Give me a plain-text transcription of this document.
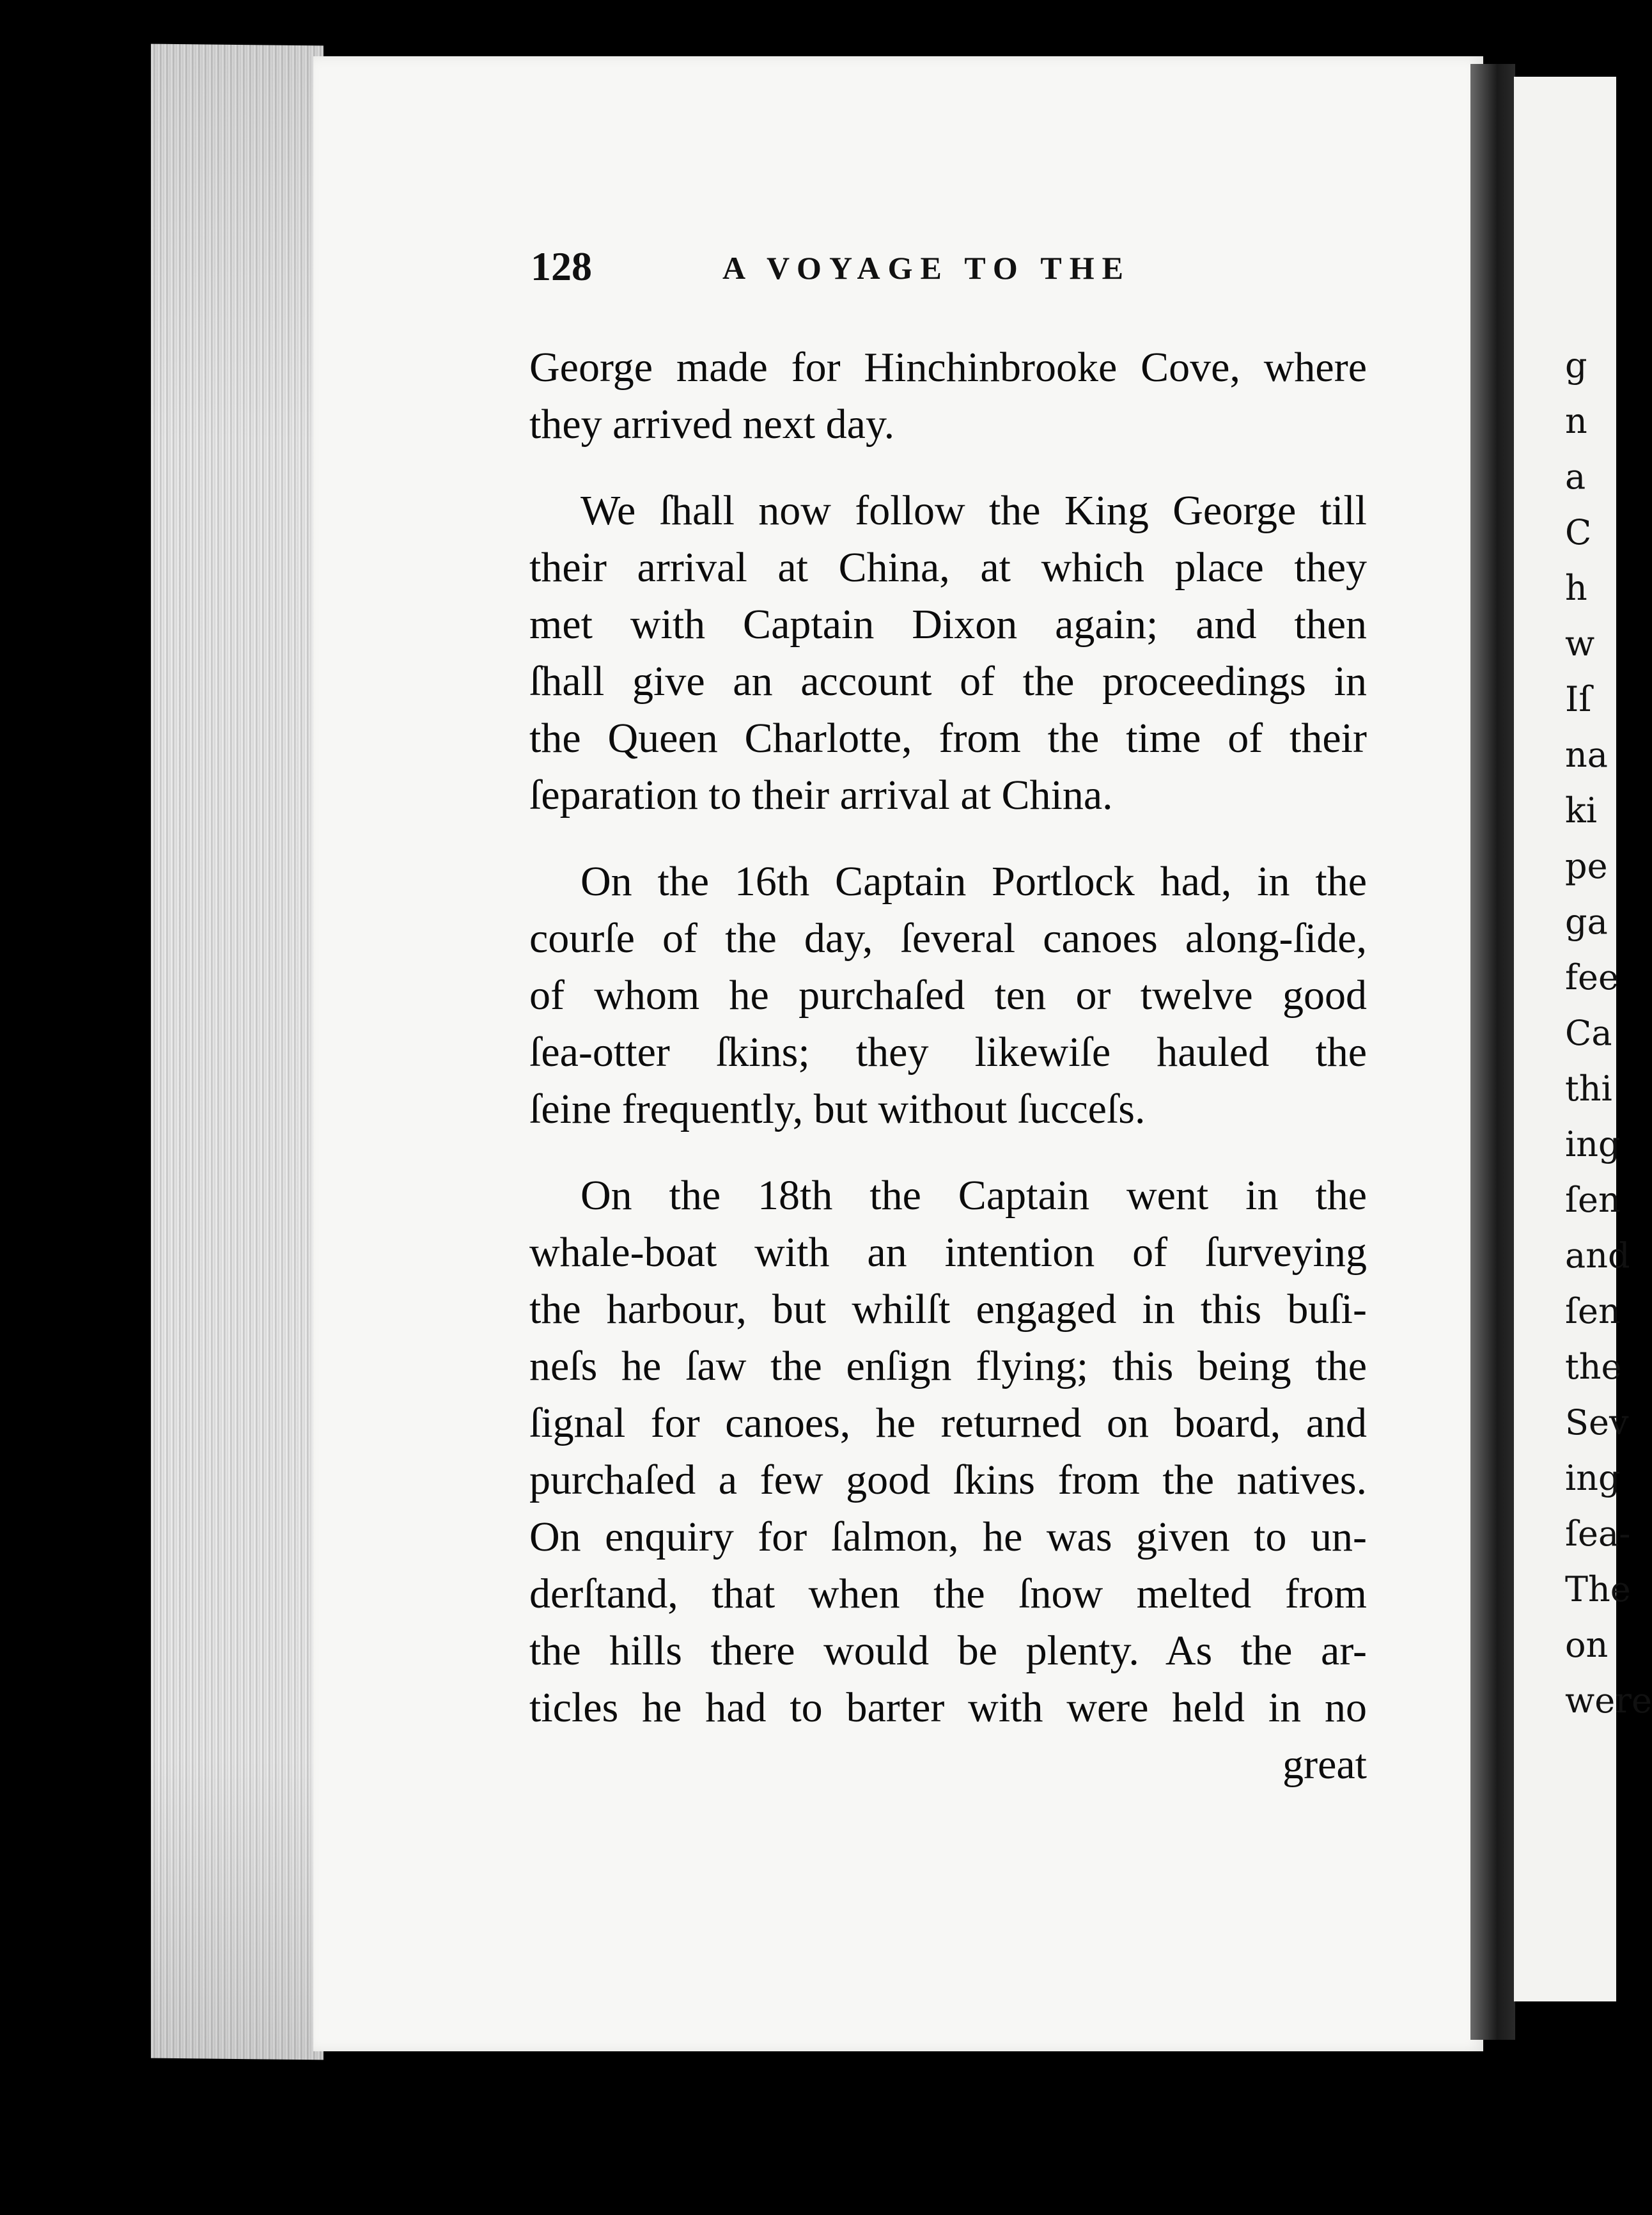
g
n
a
C
h
w
Iſ
na
ki
pe
ga
fee
Ca
thi
ing
ſen
and
ſen
the
Sev
ing
ſea-
The
on
were
128	A VOYAGE TO THE
George made for Hinchinbrooke Cove, where
they arrived next day.
We ſhall now follow the King George till
their arrival at China, at which place they
met with Captain Dixon again; and then
ſhall give an account of the proceedings in
the Queen Charlotte, from the time of their
ſeparation to their arrival at China.
On the 16th Captain Portlock had, in the
courſe of the day, ſeveral canoes along-ſide,
of whom he purchaſed ten or twelve good
ſea-otter ſkins; they likewiſe hauled the
ſeine frequently, but without ſucceſs.
On the 18th the Captain went in the
whale-boat with an intention of ſurveying
the harbour, but whilſt engaged in this buſi-
neſs he ſaw the enſign flying; this being the
ſignal for canoes, he returned on board, and
purchaſed a few good ſkins from the natives.
On enquiry for ſalmon, he was given to un-
derſtand, that when the ſnow melted from
the hills there would be plenty. As the ar-
ticles he had to barter with were held in no
great
